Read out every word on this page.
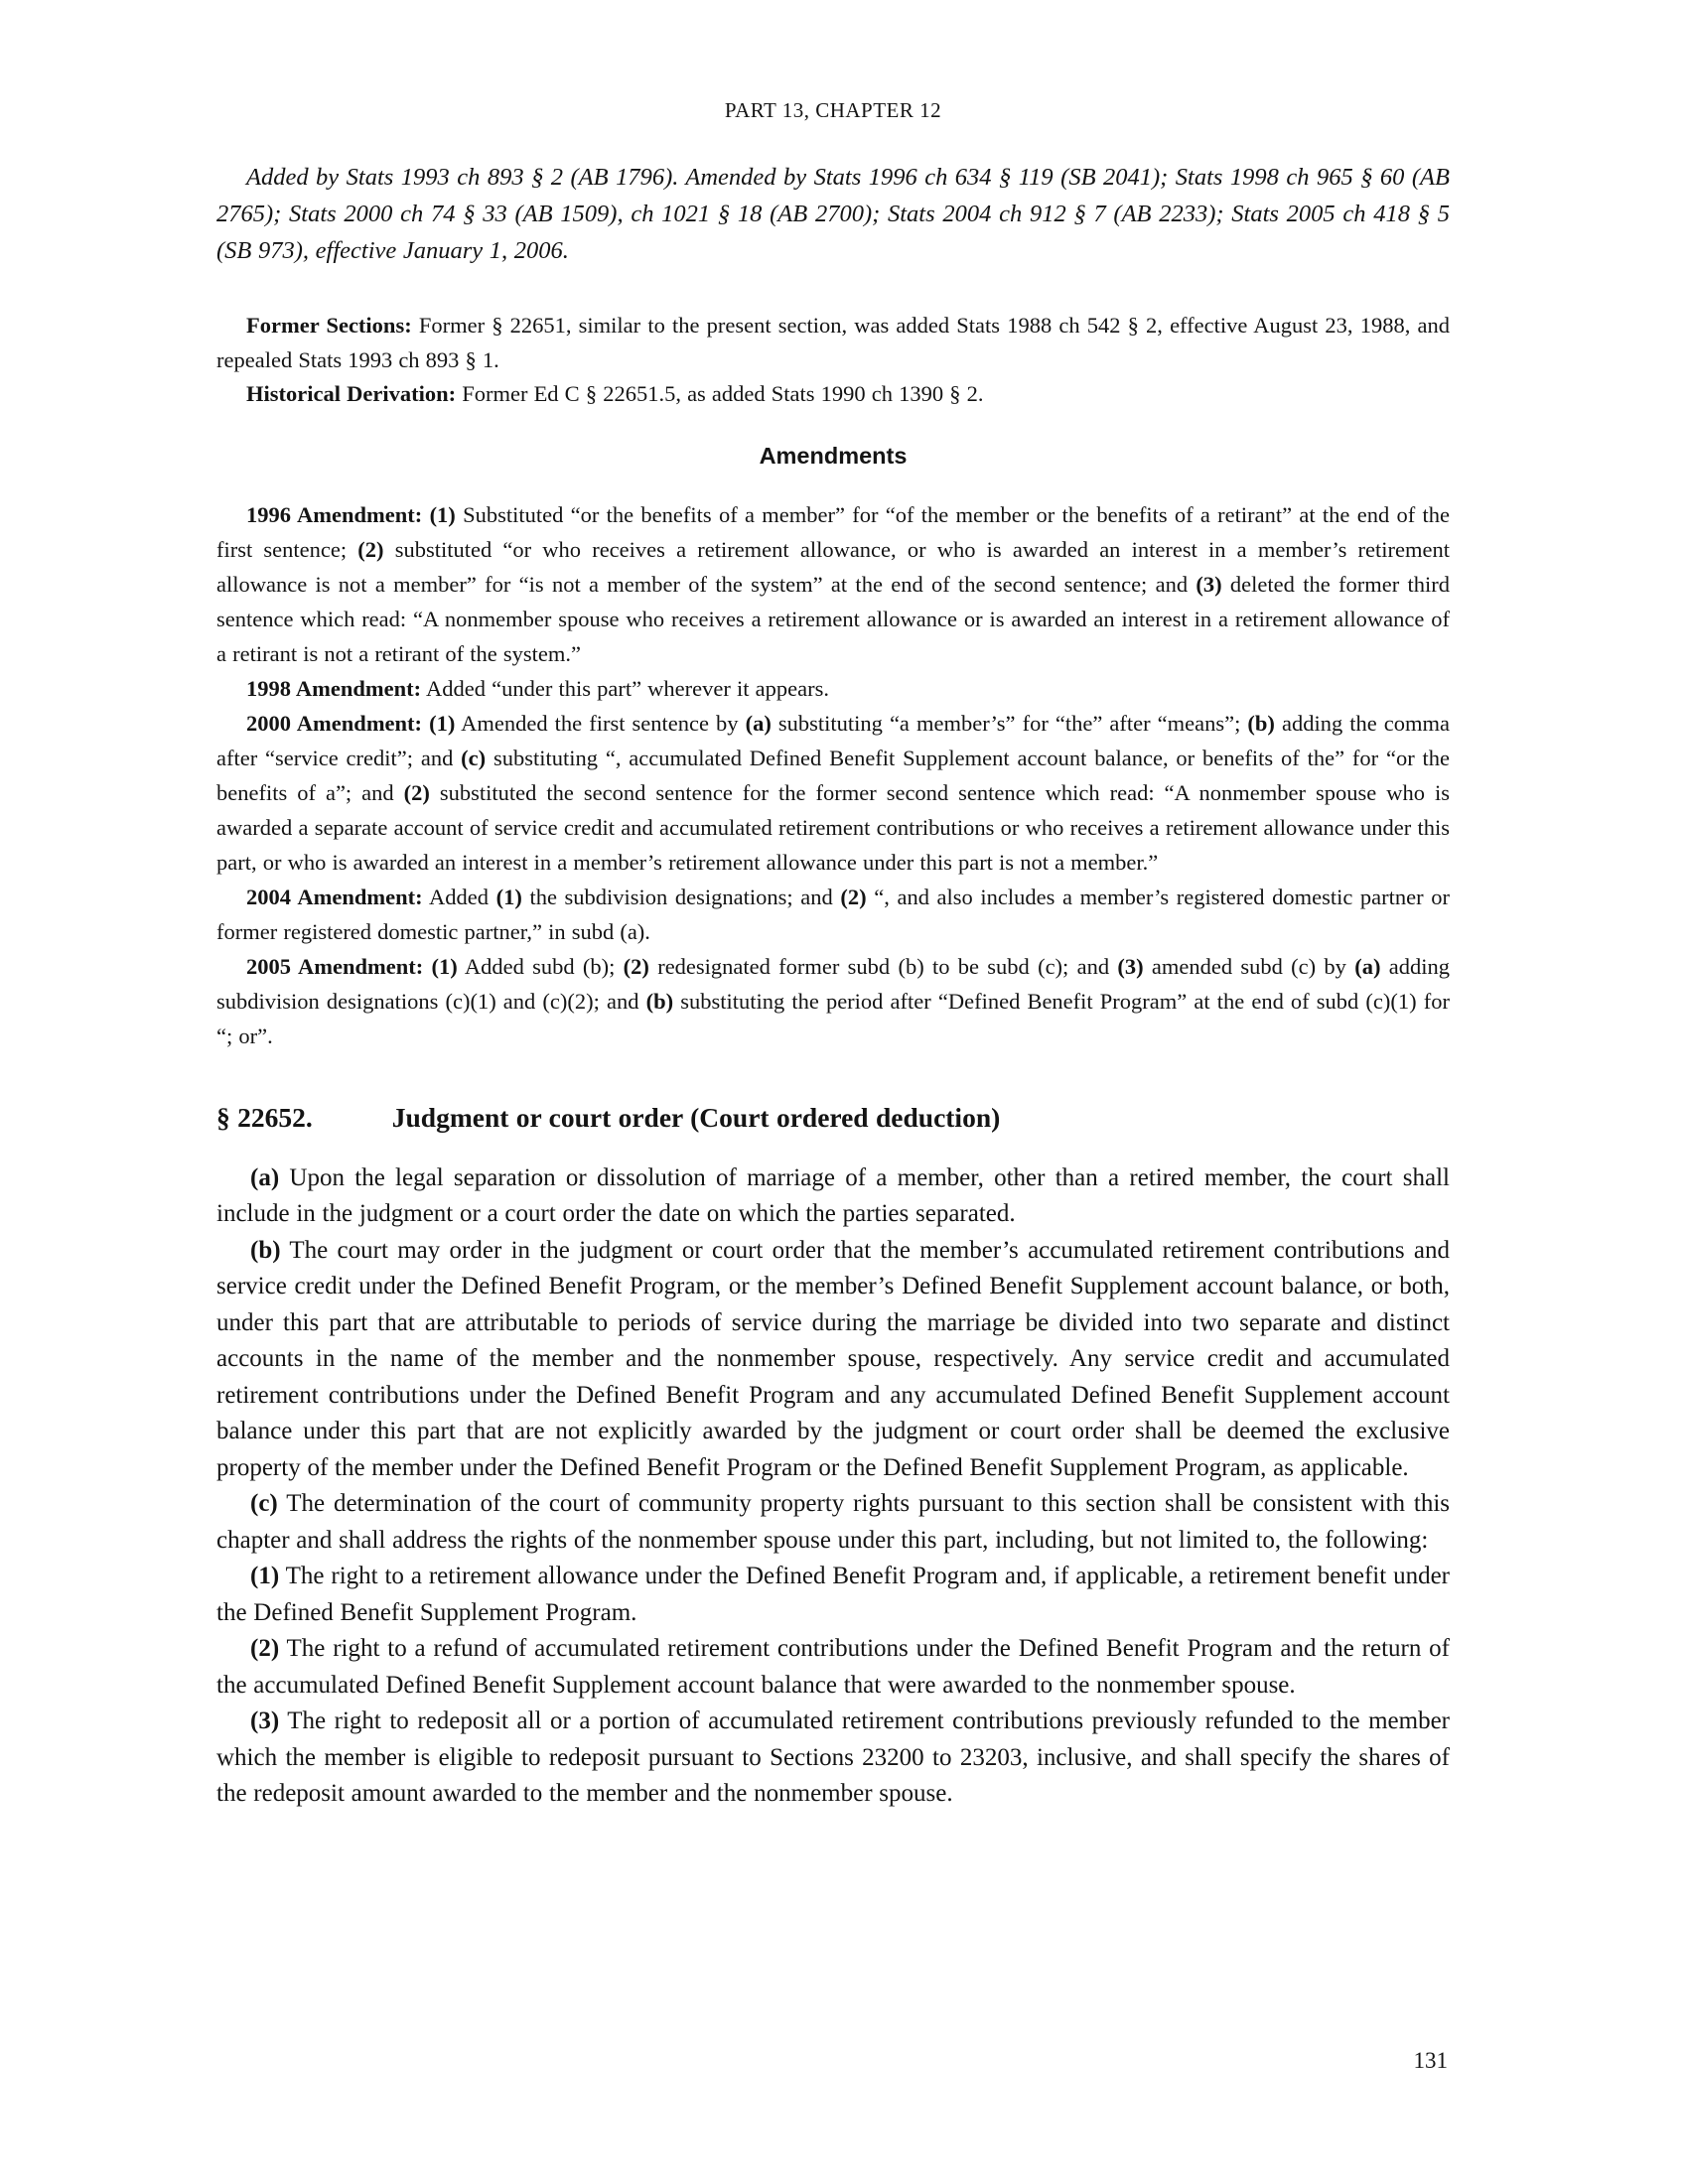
PART 13, CHAPTER 12

Added by Stats 1993 ch 893 § 2 (AB 1796). Amended by Stats 1996 ch 634 § 119 (SB 2041); Stats 1998 ch 965 § 60 (AB 2765); Stats 2000 ch 74 § 33 (AB 1509), ch 1021 § 18 (AB 2700); Stats 2004 ch 912 § 7 (AB 2233); Stats 2005 ch 418 § 5 (SB 973), effective January 1, 2006.

Former Sections: Former § 22651, similar to the present section, was added Stats 1988 ch 542 § 2, effective August 23, 1988, and repealed Stats 1993 ch 893 § 1.

Historical Derivation: Former Ed C § 22651.5, as added Stats 1990 ch 1390 § 2.

Amendments

1996 Amendment: (1) Substituted “or the benefits of a member” for “of the member or the benefits of a retirant” at the end of the first sentence; (2) substituted “or who receives a retirement allowance, or who is awarded an interest in a member’s retirement allowance is not a member” for “is not a member of the system” at the end of the second sentence; and (3) deleted the former third sentence which read: “A nonmember spouse who receives a retirement allowance or is awarded an interest in a retirement allowance of a retirant is not a retirant of the system.”

1998 Amendment: Added “under this part” wherever it appears.

2000 Amendment: (1) Amended the first sentence by (a) substituting “a member’s” for “the” after “means”; (b) adding the comma after “service credit”; and (c) substituting “, accumulated Defined Benefit Supplement account balance, or benefits of the” for “or the benefits of a”; and (2) substituted the second sentence for the former second sentence which read: “A nonmember spouse who is awarded a separate account of service credit and accumulated retirement contributions or who receives a retirement allowance under this part, or who is awarded an interest in a member’s retirement allowance under this part is not a member.”

2004 Amendment: Added (1) the subdivision designations; and (2) “, and also includes a member’s registered domestic partner or former registered domestic partner,” in subd (a).

2005 Amendment: (1) Added subd (b); (2) redesignated former subd (b) to be subd (c); and (3) amended subd (c) by (a) adding subdivision designations (c)(1) and (c)(2); and (b) substituting the period after “Defined Benefit Program” at the end of subd (c)(1) for “; or”.

§ 22652.	Judgment or court order (Court ordered deduction)

(a) Upon the legal separation or dissolution of marriage of a member, other than a retired member, the court shall include in the judgment or a court order the date on which the parties separated.

(b) The court may order in the judgment or court order that the member’s accumulated retirement contributions and service credit under the Defined Benefit Program, or the member’s Defined Benefit Supplement account balance, or both, under this part that are attributable to periods of service during the marriage be divided into two separate and distinct accounts in the name of the member and the nonmember spouse, respectively. Any service credit and accumulated retirement contributions under the Defined Benefit Program and any accumulated Defined Benefit Supplement account balance under this part that are not explicitly awarded by the judgment or court order shall be deemed the exclusive property of the member under the Defined Benefit Program or the Defined Benefit Supplement Program, as applicable.

(c) The determination of the court of community property rights pursuant to this section shall be consistent with this chapter and shall address the rights of the nonmember spouse under this part, including, but not limited to, the following:

(1) The right to a retirement allowance under the Defined Benefit Program and, if applicable, a retirement benefit under the Defined Benefit Supplement Program.

(2) The right to a refund of accumulated retirement contributions under the Defined Benefit Program and the return of the accumulated Defined Benefit Supplement account balance that were awarded to the nonmember spouse.

(3) The right to redeposit all or a portion of accumulated retirement contributions previously refunded to the member which the member is eligible to redeposit pursuant to Sections 23200 to 23203, inclusive, and shall specify the shares of the redeposit amount awarded to the member and the nonmember spouse.

131
